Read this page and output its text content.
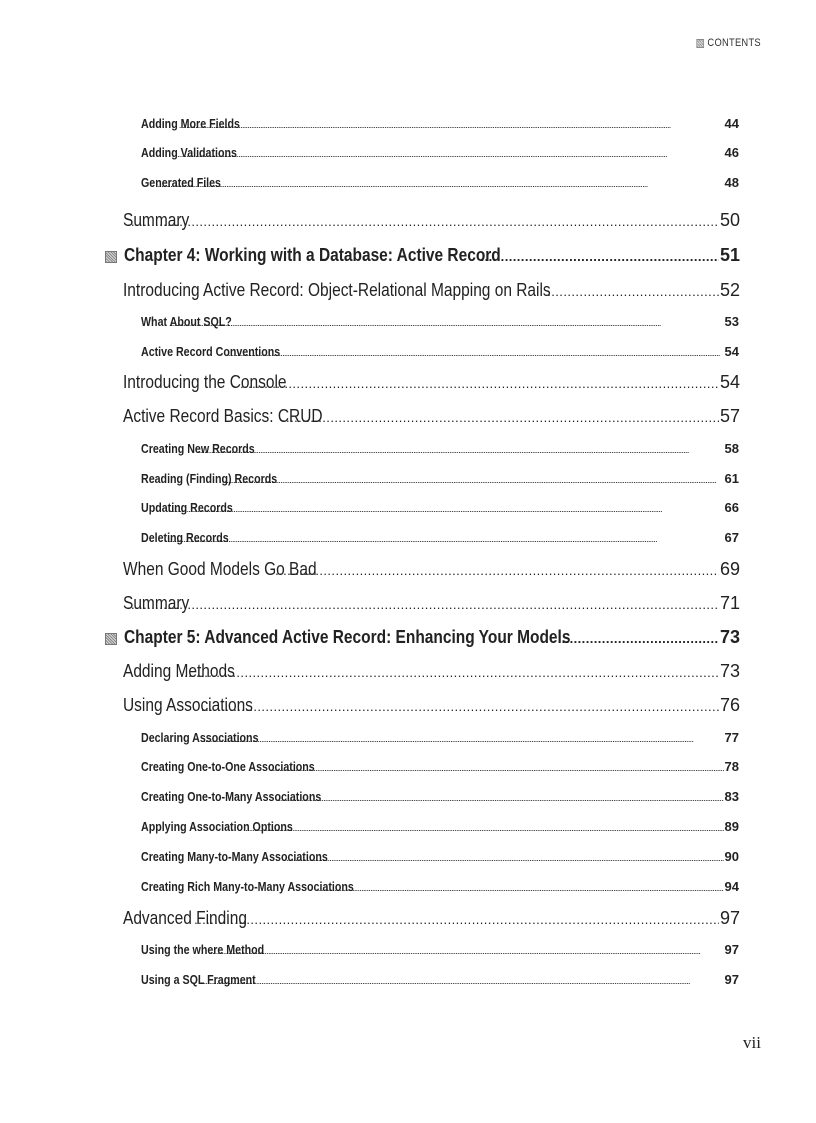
CONTENTS
Adding More Fields . . .	44
Adding Validations . . .	46
Generated Files . . .	48
Summary . . .	50
Chapter 4: Working with a Database: Active Record . . .	51
Introducing Active Record: Object-Relational Mapping on Rails . . .	52
What About SQL? . . .	53
Active Record Conventions . . .	54
Introducing the Console . . .	54
Active Record Basics: CRUD . . .	57
Creating New Records . . .	58
Reading (Finding) Records . . .	61
Updating Records . . .	66
Deleting Records . . .	67
When Good Models Go Bad . . .	69
Summary . . .	71
Chapter 5: Advanced Active Record: Enhancing Your Models . . .	73
Adding Methods . . .	73
Using Associations . . .	76
Declaring Associations . . .	77
Creating One-to-One Associations . . .	78
Creating One-to-Many Associations . . .	83
Applying Association Options . . .	89
Creating Many-to-Many Associations . . .	90
Creating Rich Many-to-Many Associations . . .	94
Advanced Finding . . .	97
Using the where Method . . .	97
Using a SQL Fragment . . .	97
vii
